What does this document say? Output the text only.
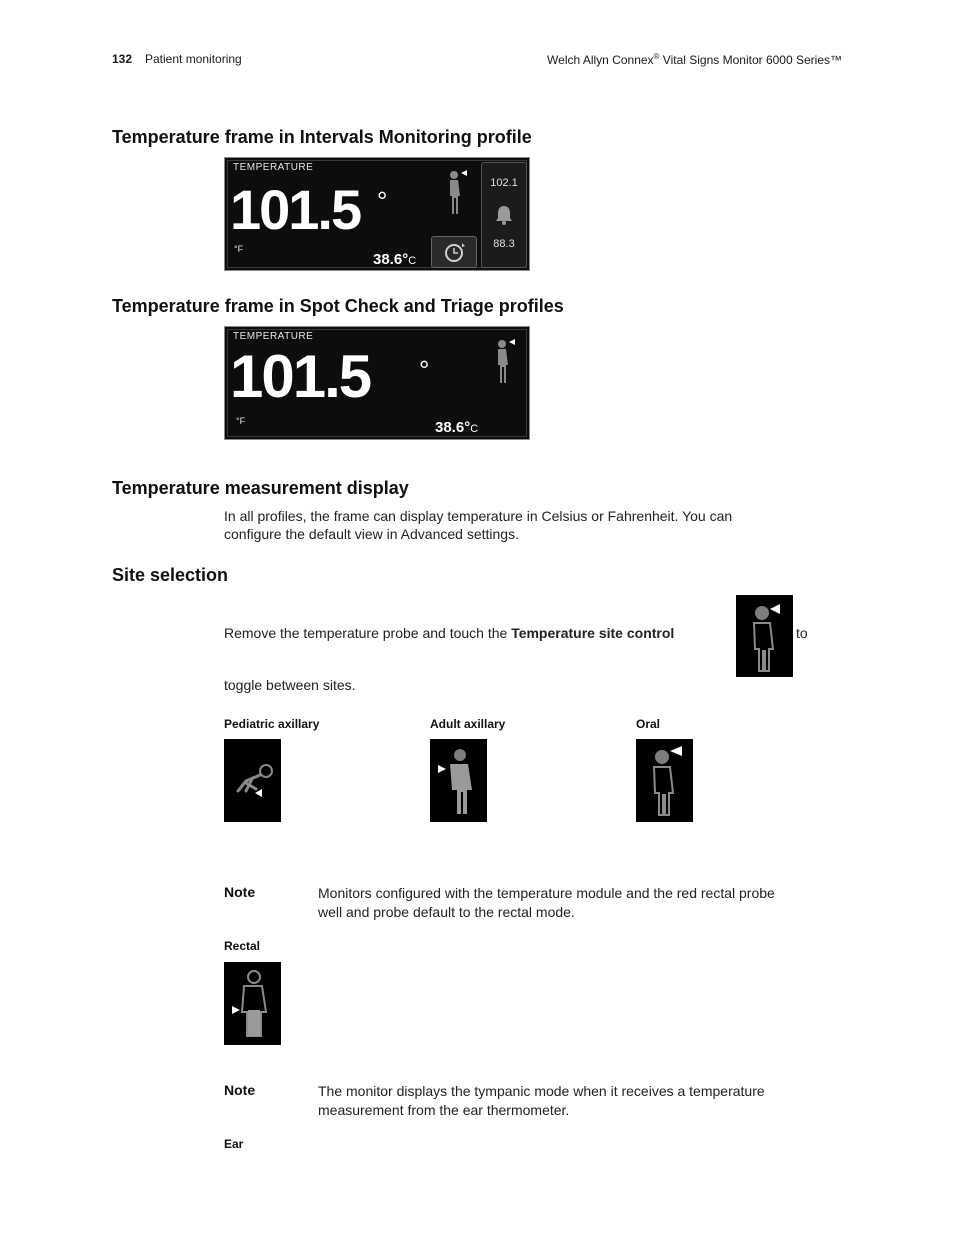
132 Patient monitoring	Welch Allyn Connex® Vital Signs Monitor 6000 Series™
Temperature frame in Intervals Monitoring profile
TEMPERATURE
101.5 °
°F
38.6°C
102.1
88.3
Temperature frame in Spot Check and Triage profiles
TEMPERATURE
101.5 °
°F	38.6°C
Temperature measurement display

In all profiles, the frame can display temperature in Celsius or Fahrenheit. You can

configure the default view in Advanced settings.

Site selection
Remove the temperature probe and touch the Temperature site control	to
toggle between sites.
Pediatric axillary	Adult axillary	Oral
Note	Monitors configured with the temperature module and the red rectal probe

well and probe default to the rectal mode.

Rectal
Note	The monitor displays the tympanic mode when it receives a temperature

measurement from the ear thermometer.

Ear
